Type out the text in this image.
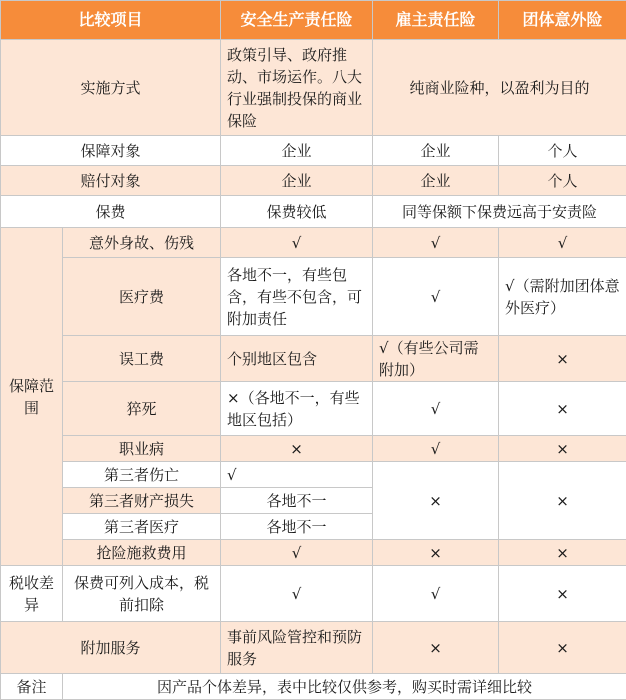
比较项目		安全生产责任险	雇主责任险	团体意外险
实施方式		政策引导、政府推动、市场运作。八大行业强制投保的商业保险	纯商业险种，以盈利为目的	
保障对象		企业	企业	个人
赔付对象		企业	企业	个人
保费		保费较低	同等保额下保费远高于安责险	
保障范围	意外身故、伤残	√	√	√
	医疗费	各地不一，有些包含，有些不包含，可附加责任	√	√（需附加团体意外医疗）
	误工费	个别地区包含	√（有些公司需附加）	×
	猝死	×（各地不一，有些地区包括）	√	×
	职业病	×	√	×
	第三者伤亡	√	×	×
	第三者财产损失	各地不一		
	第三者医疗	各地不一		
	抢险施救费用	√	×	×
税收差异	保费可列入成本，税前扣除	√	√	×
附加服务		事前风险管控和预防服务	×	×
备注	因产品个体差异，表中比较仅供参考，购买时需详细比较			
